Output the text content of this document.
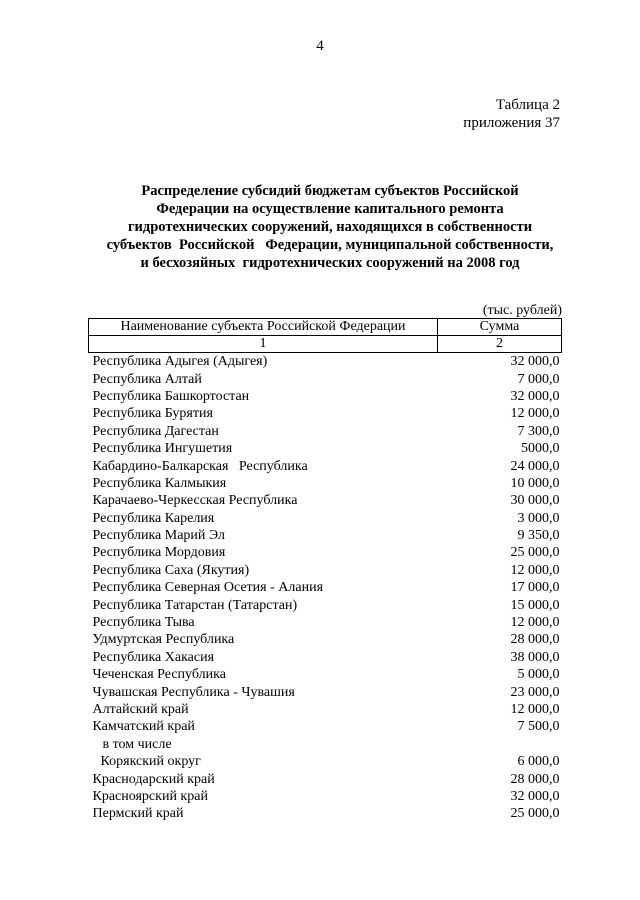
4
Таблица 2
приложения 37
Распределение субсидий бюджетам субъектов Российской
Федерации на осуществление капитального ремонта
гидротехнических сооружений, находящихся в собственности
субъектов  Российской   Федерации, муниципальной собственности,
и бесхозяйных  гидротехнических сооружений на 2008 год
(тыс. рублей)
Наименование субъекта Российской Федерации	Сумма
1	2
Республика Адыгея (Адыгея)	32 000,0
Республика Алтай	7 000,0
Республика Башкортостан	32 000,0
Республика Бурятия	12 000,0
Республика Дагестан	7 300,0
Республика Ингушетия	5000,0
Кабардино-Балкарская   Республика	24 000,0
Республика Калмыкия	10 000,0
Карачаево-Черкесская Республика	30 000,0
Республика Карелия	3 000,0
Республика Марий Эл	9 350,0
Республика Мордовия	25 000,0
Республика Саха (Якутия)	12 000,0
Республика Северная Осетия - Алания	17 000,0
Республика Татарстан (Татарстан)	15 000,0
Республика Тыва	12 000,0
Удмуртская Республика	28 000,0
Республика Хакасия	38 000,0
Чеченская Республика	5 000,0
Чувашская Республика - Чувашия	23 000,0
Алтайский край	12 000,0
Камчатский край	7 500,0
в том числе	
Корякский округ	6 000,0
Краснодарский край	28 000,0
Красноярский край	32 000,0
Пермский край	25 000,0
